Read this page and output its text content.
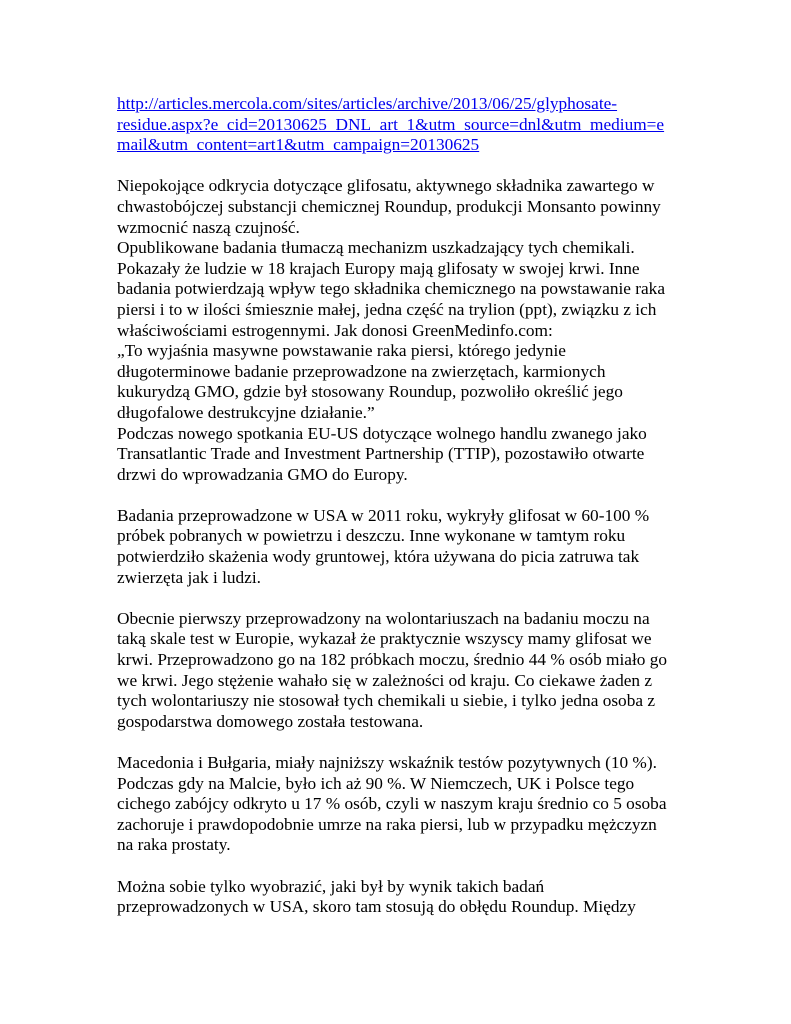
http://articles.mercola.com/sites/articles/archive/2013/06/25/glyphosate-
residue.aspx?e_cid=20130625_DNL_art_1&utm_source=dnl&utm_medium=e
mail&utm_content=art1&utm_campaign=20130625
Niepokojące odkrycia dotyczące glifosatu, aktywnego składnika zawartego w
chwastobójczej substancji chemicznej Roundup, produkcji Monsanto powinny
wzmocnić naszą czujność.
Opublikowane badania tłumaczą mechanizm uszkadzający tych chemikali.
Pokazały że ludzie w 18 krajach Europy mają glifosaty w swojej krwi. Inne
badania potwierdzają wpływ tego składnika chemicznego na powstawanie raka
piersi i to w ilości śmiesznie małej, jedna część na trylion (ppt), związku z ich
właściwościami estrogennymi. Jak donosi GreenMedinfo.com:
„To wyjaśnia masywne powstawanie raka piersi, którego jedynie
długoterminowe badanie przeprowadzone na zwierzętach, karmionych
kukurydzą GMO, gdzie był stosowany Roundup, pozwoliło określić jego
długofalowe destrukcyjne działanie.”
Podczas nowego spotkania EU-US dotyczące wolnego handlu zwanego jako
Transatlantic Trade and Investment Partnership (TTIP), pozostawiło otwarte
drzwi do wprowadzania GMO do Europy.
Badania przeprowadzone w USA w 2011 roku, wykryły glifosat w 60-100 %
próbek pobranych w powietrzu i deszczu. Inne wykonane w tamtym roku
potwierdziło skażenia wody gruntowej, która używana do picia zatruwa tak
zwierzęta jak i ludzi.
Obecnie pierwszy przeprowadzony na wolontariuszach na badaniu moczu na
taką skale test w Europie, wykazał że praktycznie wszyscy mamy glifosat we
krwi. Przeprowadzono go na 182 próbkach moczu, średnio 44 % osób miało go
we krwi. Jego stężenie wahało się w zależności od kraju. Co ciekawe żaden z
tych wolontariuszy nie stosował tych chemikali u siebie, i tylko jedna osoba z
gospodarstwa domowego została testowana.
Macedonia i Bułgaria, miały najniższy wskaźnik testów pozytywnych (10 %).
Podczas gdy na Malcie, było ich aż 90 %. W Niemczech, UK i Polsce tego
cichego zabójcy odkryto u 17 % osób, czyli w naszym kraju średnio co 5 osoba
zachoruje i prawdopodobnie umrze na raka piersi, lub w przypadku mężczyzn
na raka prostaty.
Można sobie tylko wyobrazić, jaki był by wynik takich badań
przeprowadzonych w USA, skoro tam stosują do obłędu Roundup. Między
